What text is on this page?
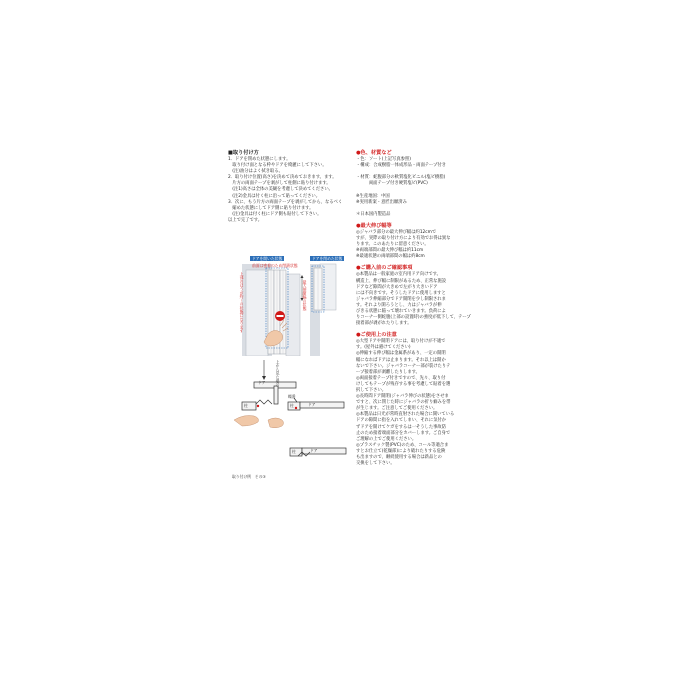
■取り付け方
1．ドアを閉めた状態にします。
　取り付け面となる枠やドアを綺麗にして下さい。
　(注)油分はよく拭き取る。
2．取り付け位置(高さ)を決めて決めておきます。ます。
　片方の両面テープを剥がして柱側に貼り付けます。
　(注1)高さは全体の美観を考慮して決めてください。
　(注2)金具は付く柱に沿って貼ってください。
3．次に、もう片方の両面テープを剥がしてから、なるべく
　縮めた状態にしてドア側に貼り付けます。
　(注)金具は付く柱にドア側も貼付して下さい。
以上で完了です。
ドアを開いた状態	ドアを閉めた状態
前面は密着のため閉鎖状態
上部のほうが約〜の状態になります	最大伸縮幅の状態
ドア
柱
蝶番
柱	ドア
柱	ドア
上から見た場合
取り付け例　その③
●色、材質など
・色：ソート(上記写真参照)
・構成：合成樹脂一体成形品・両面テープ付き

・材質：蛇腹部分の軟質塩化ビニル(塩ビ樹脂)
　　　両面テープ付き硬質塩ビ(PVC)

※生産地国：中国
※実用新案・意匠出願済み

＊日本国内製造品
●最大伸び幅等
◎ジャバラ部分の最大伸び幅は約12cmで
すが、実際の取り付け方により有効でお得は異な
ります。このあたりに留意ください。
※両端部間の最大伸び幅は約11cm
※最適状態の両端部間の幅は約8cm
●ご購入前のご確認事項
◎本製品は一般家庭の室内用ドア向けです。
構造上、伸び幅に制限があるため、正常な施設
ドアなど隙間が大きめで左がり大きいドア
には不向きです。そうしたドアに使用しますと
ジャバラ伸縮部分でドア開閉を少し制限されま
す。それより開ろうとし、力はジャバラが伸
びきる状態に陥って壊れていきます。負荷によ
りコーナー側蛇腹(上部の設置時)の強度が低下して、テープ
接着部が剥がれたりします。
●ご使用上の注意
◎大型ドアや開閉ドアには、取り付けが不適で
す。(屋外は避けてください)
◎伸縮する伸び幅は金属系があり、一定の開閉
幅になればドアは止まります。それ以上は開か
ないで下さい。ジャバラコーナー部が裂けたりテ
ープ接着部が剥離したりします。
◎両面接着テープ付きですので、先々、取り付
けしてもテープが残存する事を考慮して貼着を選
択して下さい。
◎長時間ドア開閉(ジャバラ伸びの状態)をさせま
ですと、次に閉じた時にジャバラの折り癖みを帯
が生じます。ご注意してご使用ください。
◎本製品は日光が常時直射された場合に開いている
ドアの隙間に指を入れてしまい、それに気付か
ずドアを開けてケガをするは一そうした事故防
止のため接着端面部分をカバーします。ご自身で
ご理解の上でご使用ください。
◎プラスチック製(PVC)のため、コール等適合ま
すとお仕立て(乾燥部)により破れたりする危険
も出ますので、継続使用する場合は新品との
交換をして下さい。
